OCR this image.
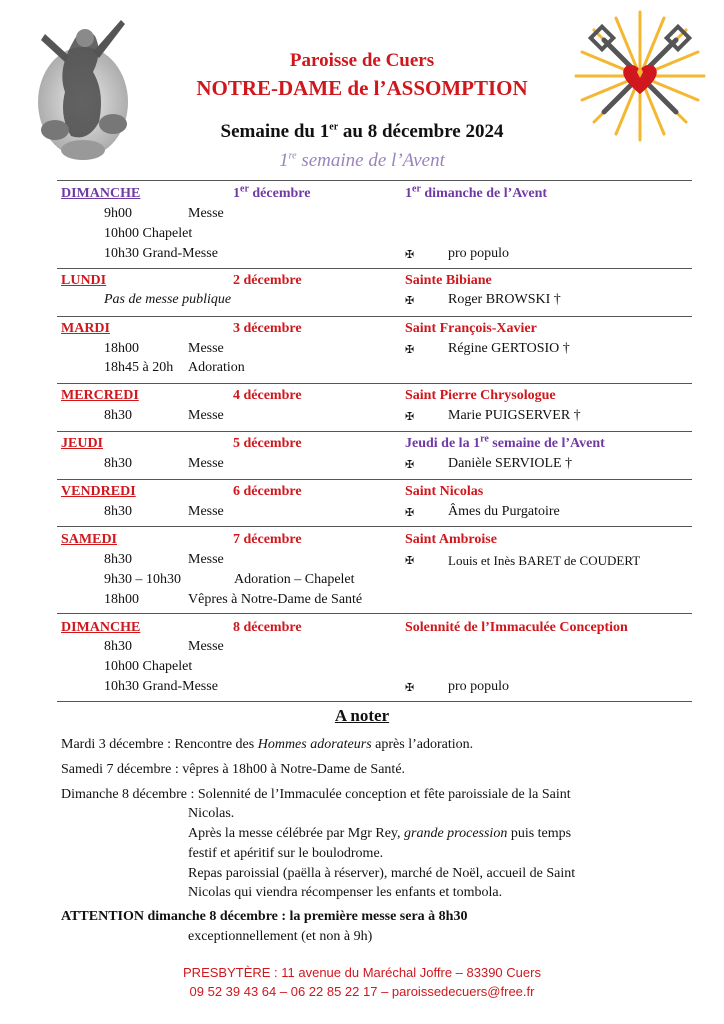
Paroisse de Cuers
NOTRE-DAME de l’ASSOMPTION
Semaine du 1er au 8 décembre 2024
1re semaine de l’Avent
DIMANCHE	1er décembre	1er dimanche de l’Avent
9h00	Messe
10h00 Chapelet
10h30 Grand-Messe	✠ pro populo
LUNDI	2 décembre	Sainte Bibiane
Pas de messe publique	✠ Roger BROWSKI †
MARDI	3 décembre	Saint François-Xavier
18h00	Messe	✠ Régine GERTOSIO †
18h45 à 20h Adoration
MERCREDI	4 décembre	Saint Pierre Chrysologue
8h30	Messe	✠ Marie PUIGSERVER †
JEUDI	5 décembre	Jeudi de la 1re semaine de l’Avent
8h30	Messe	✠ Danièle SERVIOLE †
VENDREDI	6 décembre	Saint Nicolas
8h30	Messe	✠ Âmes du Purgatoire
SAMEDI	7 décembre	Saint Ambroise
8h30	Messe	✠	Louis et Inès BARET de COUDERT
9h30 – 10h30	Adoration – Chapelet
18h00	Vêpres à Notre-Dame de Santé
DIMANCHE	8 décembre	Solennité de l’Immaculée Conception
8h30	Messe
10h00 Chapelet
10h30 Grand-Messe	✠ pro populo
A noter
Mardi 3 décembre : Rencontre des Hommes adorateurs après l’adoration.
Samedi 7 décembre : vêpres à 18h00 à Notre-Dame de Santé.
Dimanche 8 décembre : Solennité de l’Immaculée conception et fête paroissiale de la Saint
Nicolas.
Après la messe célébrée par Mgr Rey, grande procession puis temps
festif et apéritif sur le boulodrome.
Repas paroissial (paëlla à réserver), marché de Noël, accueil de Saint
Nicolas qui viendra récompenser les enfants et tombola.
ATTENTION dimanche 8 décembre : la première messe sera à 8h30
exceptionnellement (et non à 9h)
PRESBYTÈRE : 11 avenue du Maréchal Joffre – 83390 Cuers
09 52 39 43 64 – 06 22 85 22 17 – paroissedecuers@free.fr
